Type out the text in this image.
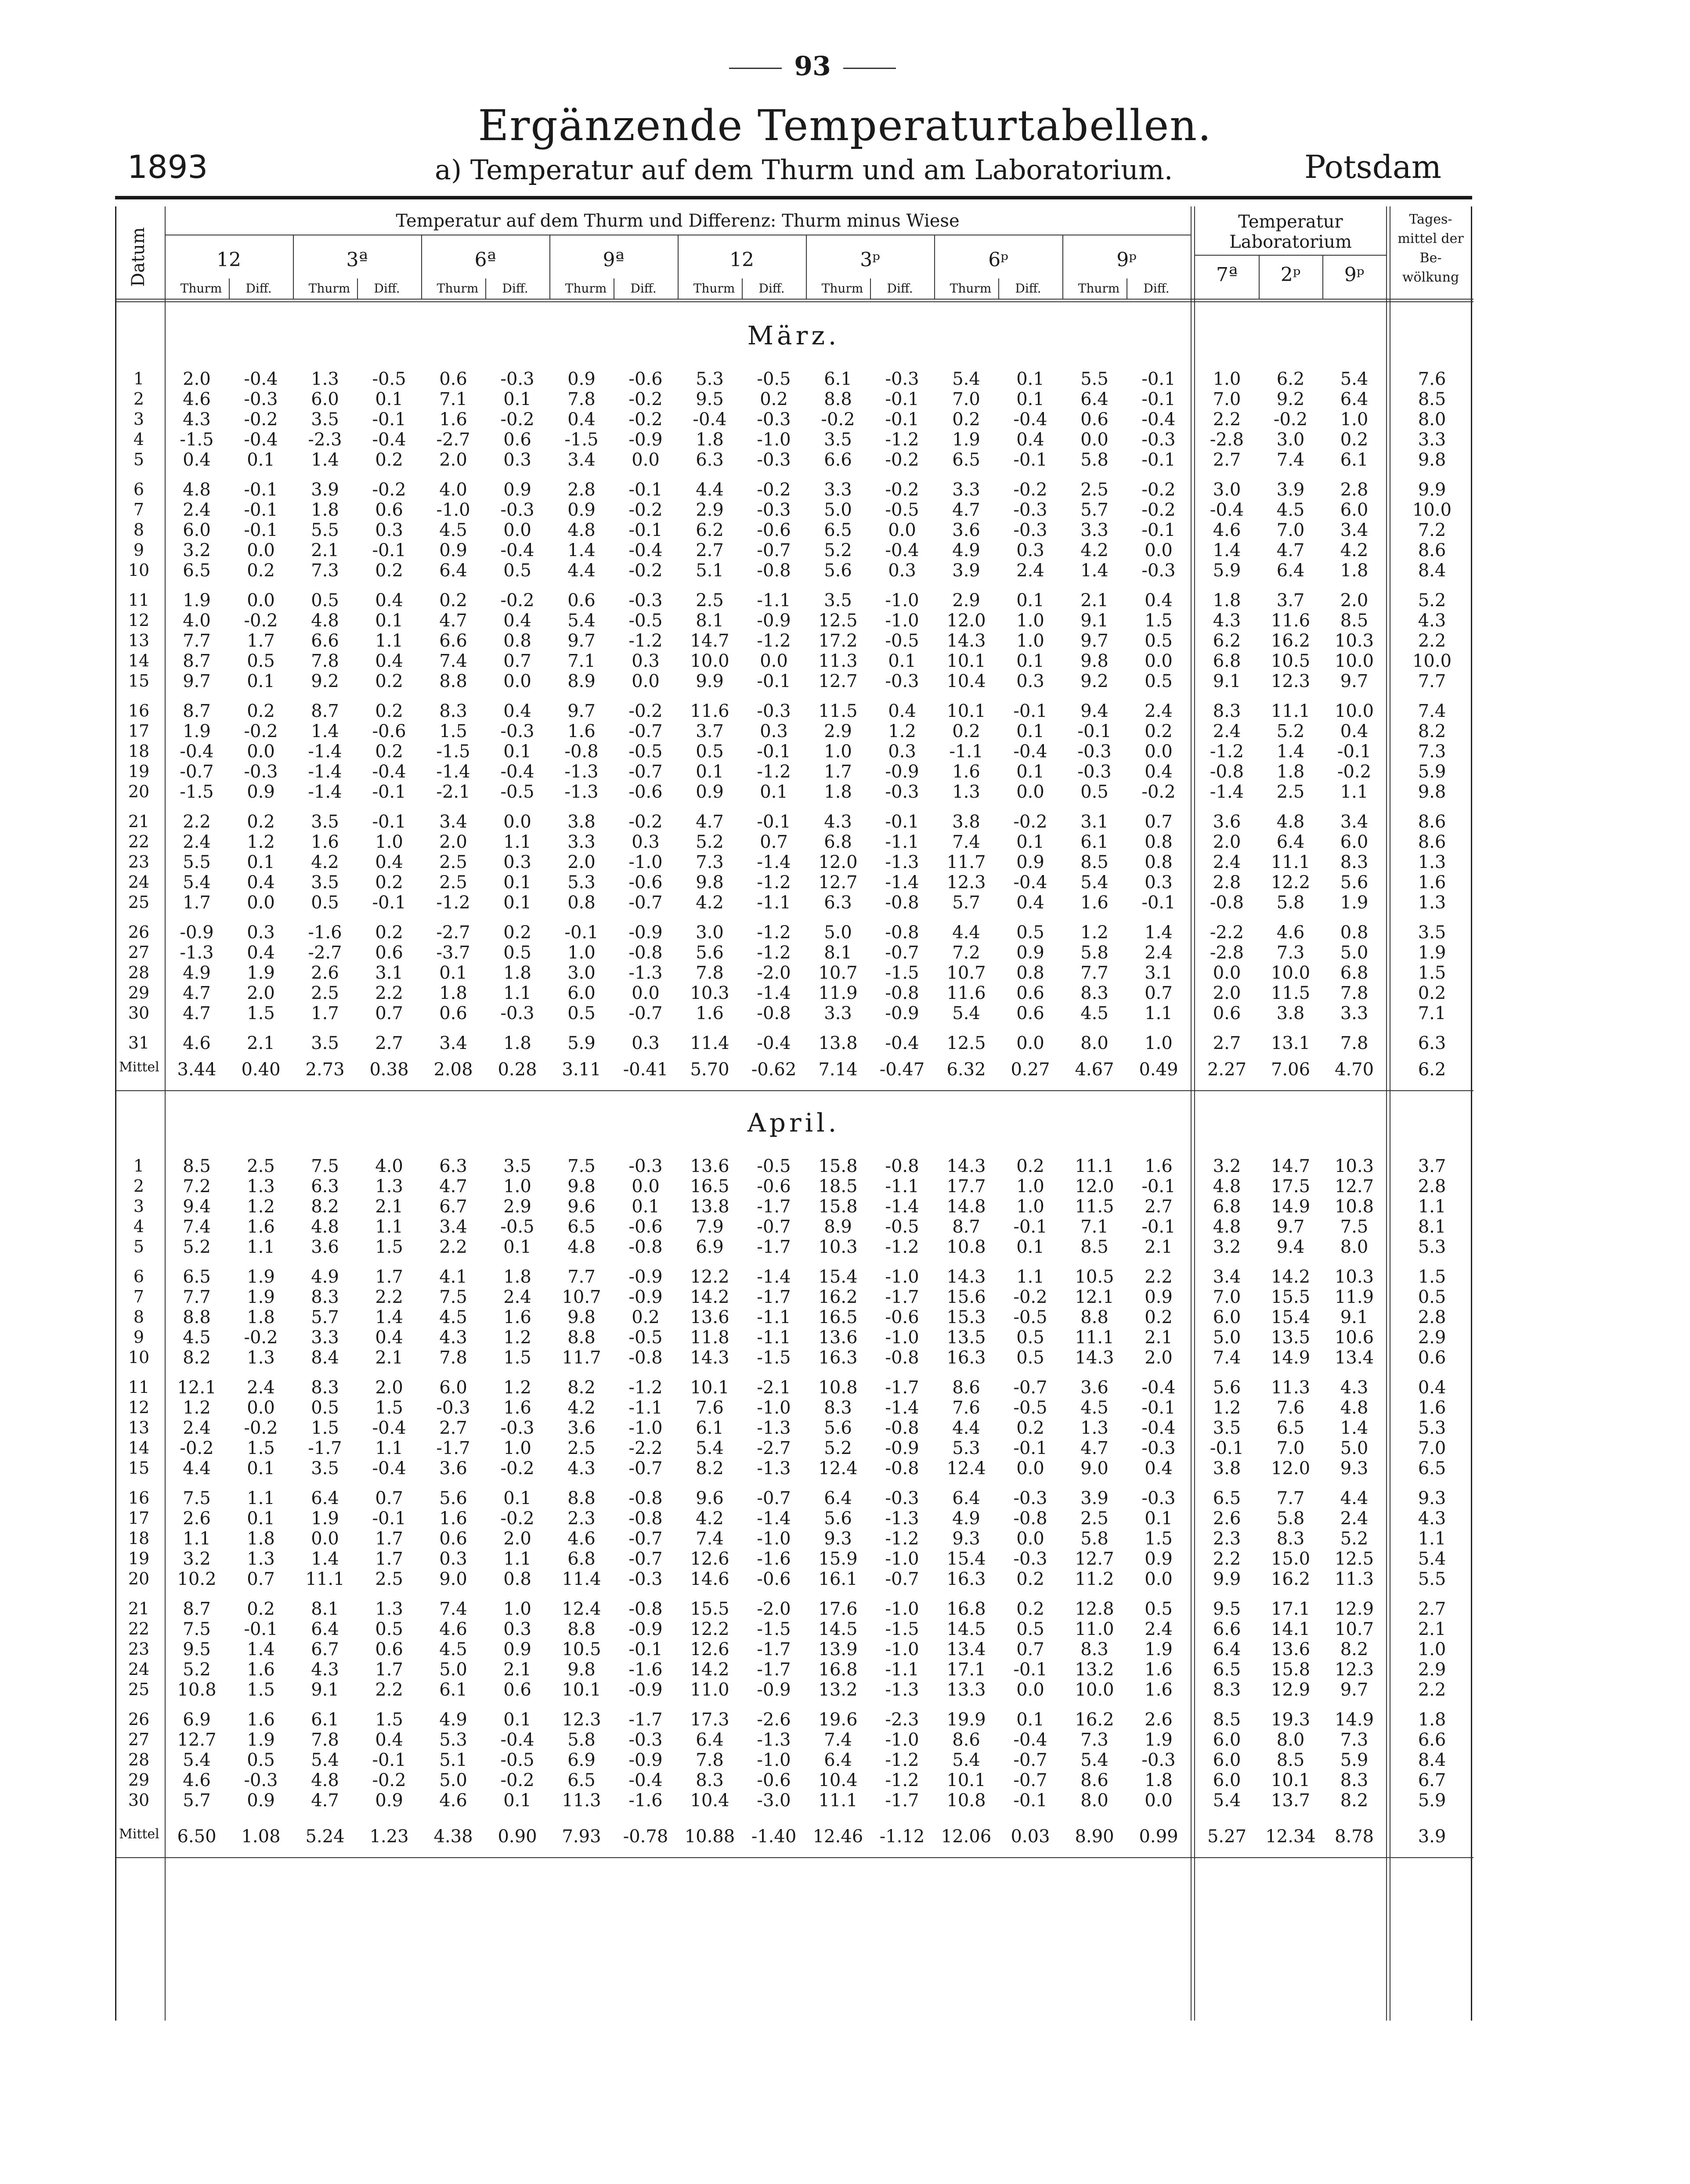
93
Ergänzende Temperaturtabellen.
1893	a) Temperatur auf dem Thurm und am Laboratorium.	Potsdam
Temperatur auf dem Thurm und Differenz: Thurm minus Wiese
Datum	12
Thurm	Diff.
3ª
Thurm	Diff.
6ª
Thurm	Diff.
9ª
Thurm	Diff.
12
Thurm	Diff.
3ᵖ
Thurm	Diff.
6ᵖ
Thurm	Diff.
9ᵖ
Thurm	Diff.
Temperatur Laboratorium
7ª	2ᵖ	9ᵖ
Tages- mittel der Be- wölkung
März.
1	2.0	-0.4	1.3	-0.5	0.6	-0.3	0.9	-0.6	5.3	-0.5	6.1	-0.3	5.4	0.1	5.5	-0.1	1.0	6.2	5.4	7.6
2	4.6	-0.3	6.0	0.1	7.1	0.1	7.8	-0.2	9.5	0.2	8.8	-0.1	7.0	0.1	6.4	-0.1	7.0	9.2	6.4	8.5
3	4.3	-0.2	3.5	-0.1	1.6	-0.2	0.4	-0.2	-0.4	-0.3	-0.2	-0.1	0.2	-0.4	0.6	-0.4	2.2	-0.2	1.0	8.0
4	-1.5	-0.4	-2.3	-0.4	-2.7	0.6	-1.5	-0.9	1.8	-1.0	3.5	-1.2	1.9	0.4	0.0	-0.3	-2.8	3.0	0.2	3.3
5	0.4	0.1	1.4	0.2	2.0	0.3	3.4	0.0	6.3	-0.3	6.6	-0.2	6.5	-0.1	5.8	-0.1	2.7	7.4	6.1	9.8
6	4.8	-0.1	3.9	-0.2	4.0	0.9	2.8	-0.1	4.4	-0.2	3.3	-0.2	3.3	-0.2	2.5	-0.2	3.0	3.9	2.8	9.9
7	2.4	-0.1	1.8	0.6	-1.0	-0.3	0.9	-0.2	2.9	-0.3	5.0	-0.5	4.7	-0.3	5.7	-0.2	-0.4	4.5	6.0	10.0
8	6.0	-0.1	5.5	0.3	4.5	0.0	4.8	-0.1	6.2	-0.6	6.5	0.0	3.6	-0.3	3.3	-0.1	4.6	7.0	3.4	7.2
9	3.2	0.0	2.1	-0.1	0.9	-0.4	1.4	-0.4	2.7	-0.7	5.2	-0.4	4.9	0.3	4.2	0.0	1.4	4.7	4.2	8.6
10	6.5	0.2	7.3	0.2	6.4	0.5	4.4	-0.2	5.1	-0.8	5.6	0.3	3.9	2.4	1.4	-0.3	5.9	6.4	1.8	8.4
11	1.9	0.0	0.5	0.4	0.2	-0.2	0.6	-0.3	2.5	-1.1	3.5	-1.0	2.9	0.1	2.1	0.4	1.8	3.7	2.0	5.2
12	4.0	-0.2	4.8	0.1	4.7	0.4	5.4	-0.5	8.1	-0.9	12.5	-1.0	12.0	1.0	9.1	1.5	4.3	11.6	8.5	4.3
13	7.7	1.7	6.6	1.1	6.6	0.8	9.7	-1.2	14.7	-1.2	17.2	-0.5	14.3	1.0	9.7	0.5	6.2	16.2	10.3	2.2
14	8.7	0.5	7.8	0.4	7.4	0.7	7.1	0.3	10.0	0.0	11.3	0.1	10.1	0.1	9.8	0.0	6.8	10.5	10.0	10.0
15	9.7	0.1	9.2	0.2	8.8	0.0	8.9	0.0	9.9	-0.1	12.7	-0.3	10.4	0.3	9.2	0.5	9.1	12.3	9.7	7.7
16	8.7	0.2	8.7	0.2	8.3	0.4	9.7	-0.2	11.6	-0.3	11.5	0.4	10.1	-0.1	9.4	2.4	8.3	11.1	10.0	7.4
17	1.9	-0.2	1.4	-0.6	1.5	-0.3	1.6	-0.7	3.7	0.3	2.9	1.2	0.2	0.1	-0.1	0.2	2.4	5.2	0.4	8.2
18	-0.4	0.0	-1.4	0.2	-1.5	0.1	-0.8	-0.5	0.5	-0.1	1.0	0.3	-1.1	-0.4	-0.3	0.0	-1.2	1.4	-0.1	7.3
19	-0.7	-0.3	-1.4	-0.4	-1.4	-0.4	-1.3	-0.7	0.1	-1.2	1.7	-0.9	1.6	0.1	-0.3	0.4	-0.8	1.8	-0.2	5.9
20	-1.5	0.9	-1.4	-0.1	-2.1	-0.5	-1.3	-0.6	0.9	0.1	1.8	-0.3	1.3	0.0	0.5	-0.2	-1.4	2.5	1.1	9.8
21	2.2	0.2	3.5	-0.1	3.4	0.0	3.8	-0.2	4.7	-0.1	4.3	-0.1	3.8	-0.2	3.1	0.7	3.6	4.8	3.4	8.6
22	2.4	1.2	1.6	1.0	2.0	1.1	3.3	0.3	5.2	0.7	6.8	-1.1	7.4	0.1	6.1	0.8	2.0	6.4	6.0	8.6
23	5.5	0.1	4.2	0.4	2.5	0.3	2.0	-1.0	7.3	-1.4	12.0	-1.3	11.7	0.9	8.5	0.8	2.4	11.1	8.3	1.3
24	5.4	0.4	3.5	0.2	2.5	0.1	5.3	-0.6	9.8	-1.2	12.7	-1.4	12.3	-0.4	5.4	0.3	2.8	12.2	5.6	1.6
25	1.7	0.0	0.5	-0.1	-1.2	0.1	0.8	-0.7	4.2	-1.1	6.3	-0.8	5.7	0.4	1.6	-0.1	-0.8	5.8	1.9	1.3
26	-0.9	0.3	-1.6	0.2	-2.7	0.2	-0.1	-0.9	3.0	-1.2	5.0	-0.8	4.4	0.5	1.2	1.4	-2.2	4.6	0.8	3.5
27	-1.3	0.4	-2.7	0.6	-3.7	0.5	1.0	-0.8	5.6	-1.2	8.1	-0.7	7.2	0.9	5.8	2.4	-2.8	7.3	5.0	1.9
28	4.9	1.9	2.6	3.1	0.1	1.8	3.0	-1.3	7.8	-2.0	10.7	-1.5	10.7	0.8	7.7	3.1	0.0	10.0	6.8	1.5
29	4.7	2.0	2.5	2.2	1.8	1.1	6.0	0.0	10.3	-1.4	11.9	-0.8	11.6	0.6	8.3	0.7	2.0	11.5	7.8	0.2
30	4.7	1.5	1.7	0.7	0.6	-0.3	0.5	-0.7	1.6	-0.8	3.3	-0.9	5.4	0.6	4.5	1.1	0.6	3.8	3.3	7.1
31	4.6	2.1	3.5	2.7	3.4	1.8	5.9	0.3	11.4	-0.4	13.8	-0.4	12.5	0.0	8.0	1.0	2.7	13.1	7.8	6.3
Mittel	3.44	0.40	2.73	0.38	2.08	0.28	3.11	-0.41	5.70	-0.62	7.14	-0.47	6.32	0.27	4.67	0.49	2.27	7.06	4.70	6.2
April.
1	8.5	2.5	7.5	4.0	6.3	3.5	7.5	-0.3	13.6	-0.5	15.8	-0.8	14.3	0.2	11.1	1.6	3.2	14.7	10.3	3.7
2	7.2	1.3	6.3	1.3	4.7	1.0	9.8	0.0	16.5	-0.6	18.5	-1.1	17.7	1.0	12.0	-0.1	4.8	17.5	12.7	2.8
3	9.4	1.2	8.2	2.1	6.7	2.9	9.6	0.1	13.8	-1.7	15.8	-1.4	14.8	1.0	11.5	2.7	6.8	14.9	10.8	1.1
4	7.4	1.6	4.8	1.1	3.4	-0.5	6.5	-0.6	7.9	-0.7	8.9	-0.5	8.7	-0.1	7.1	-0.1	4.8	9.7	7.5	8.1
5	5.2	1.1	3.6	1.5	2.2	0.1	4.8	-0.8	6.9	-1.7	10.3	-1.2	10.8	0.1	8.5	2.1	3.2	9.4	8.0	5.3
6	6.5	1.9	4.9	1.7	4.1	1.8	7.7	-0.9	12.2	-1.4	15.4	-1.0	14.3	1.1	10.5	2.2	3.4	14.2	10.3	1.5
7	7.7	1.9	8.3	2.2	7.5	2.4	10.7	-0.9	14.2	-1.7	16.2	-1.7	15.6	-0.2	12.1	0.9	7.0	15.5	11.9	0.5
8	8.8	1.8	5.7	1.4	4.5	1.6	9.8	0.2	13.6	-1.1	16.5	-0.6	15.3	-0.5	8.8	0.2	6.0	15.4	9.1	2.8
9	4.5	-0.2	3.3	0.4	4.3	1.2	8.8	-0.5	11.8	-1.1	13.6	-1.0	13.5	0.5	11.1	2.1	5.0	13.5	10.6	2.9
10	8.2	1.3	8.4	2.1	7.8	1.5	11.7	-0.8	14.3	-1.5	16.3	-0.8	16.3	0.5	14.3	2.0	7.4	14.9	13.4	0.6
11	12.1	2.4	8.3	2.0	6.0	1.2	8.2	-1.2	10.1	-2.1	10.8	-1.7	8.6	-0.7	3.6	-0.4	5.6	11.3	4.3	0.4
12	1.2	0.0	0.5	1.5	-0.3	1.6	4.2	-1.1	7.6	-1.0	8.3	-1.4	7.6	-0.5	4.5	-0.1	1.2	7.6	4.8	1.6
13	2.4	-0.2	1.5	-0.4	2.7	-0.3	3.6	-1.0	6.1	-1.3	5.6	-0.8	4.4	0.2	1.3	-0.4	3.5	6.5	1.4	5.3
14	-0.2	1.5	-1.7	1.1	-1.7	1.0	2.5	-2.2	5.4	-2.7	5.2	-0.9	5.3	-0.1	4.7	-0.3	-0.1	7.0	5.0	7.0
15	4.4	0.1	3.5	-0.4	3.6	-0.2	4.3	-0.7	8.2	-1.3	12.4	-0.8	12.4	0.0	9.0	0.4	3.8	12.0	9.3	6.5
16	7.5	1.1	6.4	0.7	5.6	0.1	8.8	-0.8	9.6	-0.7	6.4	-0.3	6.4	-0.3	3.9	-0.3	6.5	7.7	4.4	9.3
17	2.6	0.1	1.9	-0.1	1.6	-0.2	2.3	-0.8	4.2	-1.4	5.6	-1.3	4.9	-0.8	2.5	0.1	2.6	5.8	2.4	4.3
18	1.1	1.8	0.0	1.7	0.6	2.0	4.6	-0.7	7.4	-1.0	9.3	-1.2	9.3	0.0	5.8	1.5	2.3	8.3	5.2	1.1
19	3.2	1.3	1.4	1.7	0.3	1.1	6.8	-0.7	12.6	-1.6	15.9	-1.0	15.4	-0.3	12.7	0.9	2.2	15.0	12.5	5.4
20	10.2	0.7	11.1	2.5	9.0	0.8	11.4	-0.3	14.6	-0.6	16.1	-0.7	16.3	0.2	11.2	0.0	9.9	16.2	11.3	5.5
21	8.7	0.2	8.1	1.3	7.4	1.0	12.4	-0.8	15.5	-2.0	17.6	-1.0	16.8	0.2	12.8	0.5	9.5	17.1	12.9	2.7
22	7.5	-0.1	6.4	0.5	4.6	0.3	8.8	-0.9	12.2	-1.5	14.5	-1.5	14.5	0.5	11.0	2.4	6.6	14.1	10.7	2.1
23	9.5	1.4	6.7	0.6	4.5	0.9	10.5	-0.1	12.6	-1.7	13.9	-1.0	13.4	0.7	8.3	1.9	6.4	13.6	8.2	1.0
24	5.2	1.6	4.3	1.7	5.0	2.1	9.8	-1.6	14.2	-1.7	16.8	-1.1	17.1	-0.1	13.2	1.6	6.5	15.8	12.3	2.9
25	10.8	1.5	9.1	2.2	6.1	0.6	10.1	-0.9	11.0	-0.9	13.2	-1.3	13.3	0.0	10.0	1.6	8.3	12.9	9.7	2.2
26	6.9	1.6	6.1	1.5	4.9	0.1	12.3	-1.7	17.3	-2.6	19.6	-2.3	19.9	0.1	16.2	2.6	8.5	19.3	14.9	1.8
27	12.7	1.9	7.8	0.4	5.3	-0.4	5.8	-0.3	6.4	-1.3	7.4	-1.0	8.6	-0.4	7.3	1.9	6.0	8.0	7.3	6.6
28	5.4	0.5	5.4	-0.1	5.1	-0.5	6.9	-0.9	7.8	-1.0	6.4	-1.2	5.4	-0.7	5.4	-0.3	6.0	8.5	5.9	8.4
29	4.6	-0.3	4.8	-0.2	5.0	-0.2	6.5	-0.4	8.3	-0.6	10.4	-1.2	10.1	-0.7	8.6	1.8	6.0	10.1	8.3	6.7
30	5.7	0.9	4.7	0.9	4.6	0.1	11.3	-1.6	10.4	-3.0	11.1	-1.7	10.8	-0.1	8.0	0.0	5.4	13.7	8.2	5.9
Mittel	6.50	1.08	5.24	1.23	4.38	0.90	7.93	-0.78 10.88 -1.40 12.46 -1.12 12.06	0.03	8.90	0.99	5.27	12.34	8.78	3.9
